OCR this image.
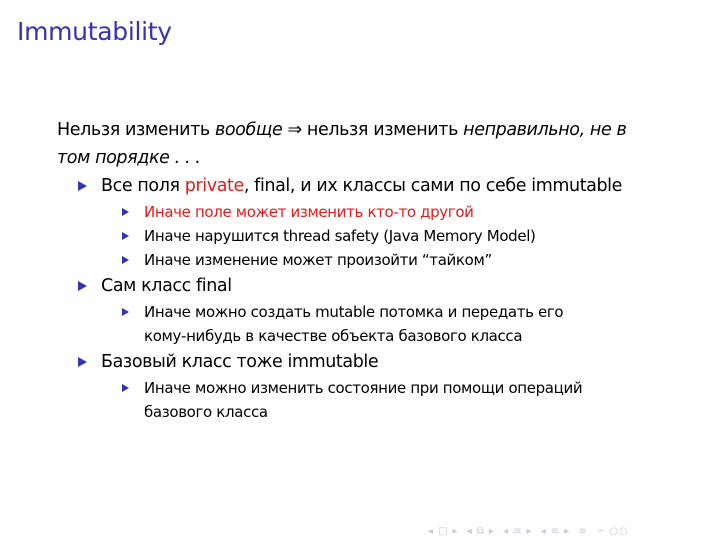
Immutability
Нельзя изменить вообще ⇒ нельзя изменить неправильно, не в
том порядке . . .
Все поля private, final, и их классы сами по себе immutable
Иначе поле может изменить кто-то другой
Иначе нарушится thread safety (Java Memory Model)
Иначе изменение может произойти “тайком”
Сам класс final
Иначе можно создать mutable потомка и передать его
кому-нибудь в качестве объекта базового класса
Базовый класс тоже immutable
Иначе можно изменить состояние при помощи операций
базового класса
◂ □ ▸ ◂ ⧉ ▸ ◂ ≡ ▸ ◂ ≡ ▸ ≡ ∽ ○○
